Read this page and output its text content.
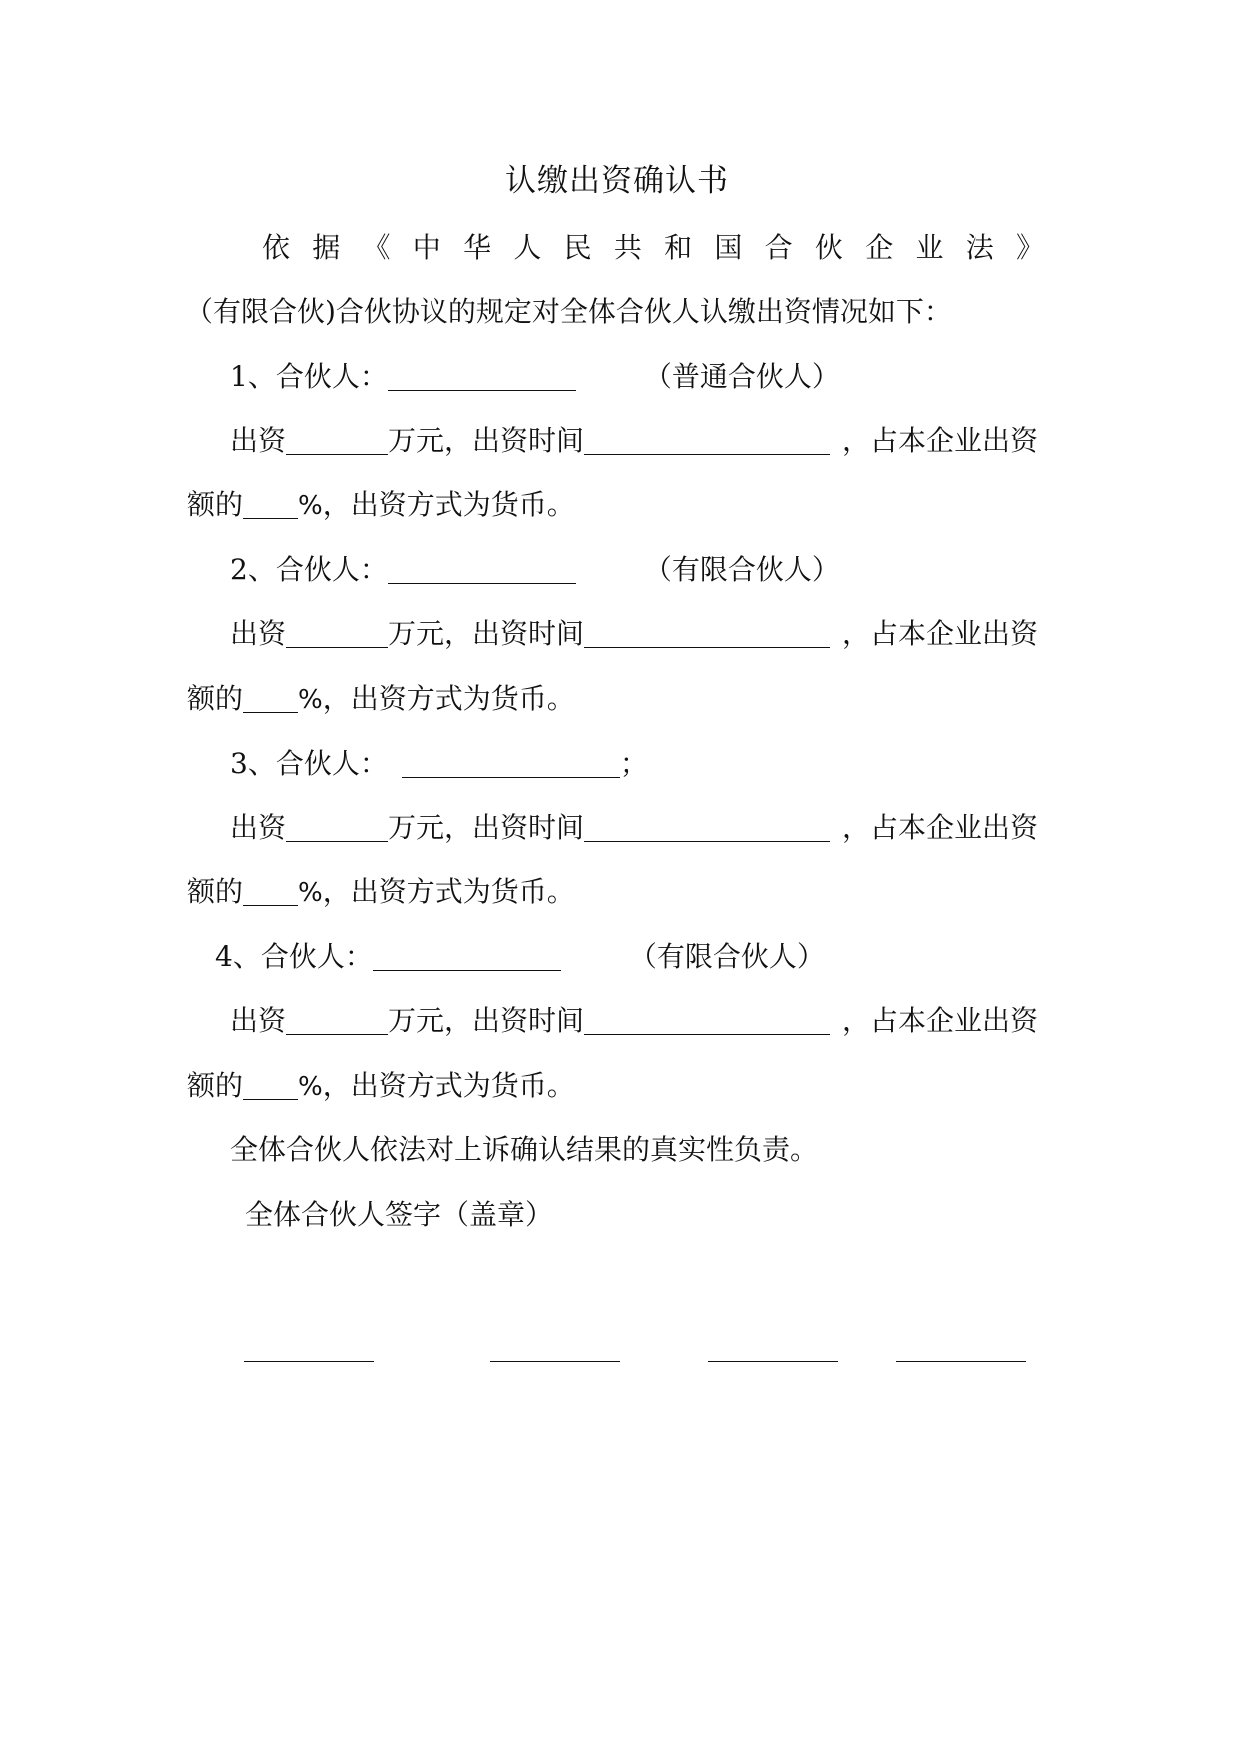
认缴出资确认书
依 据 《 中 华 人 民 共 和 国 合 伙 企 业 法 》
（有限合伙)合伙协议的规定对全体合伙人认缴出资情况如下：
1、 合伙人：	（普通合伙人）
出资	万元，出资时间	，占本企业出资
额的 % ，出资方式为货币。
2、 合伙人：	（有限合伙人）
出资	万元，出资时间	，占本企业出资
额的 % ，出资方式为货币。
3、 合伙人：	；
出资	万元，出资时间	，占本企业出资
额的 % ，出资方式为货币。
4、 合伙人：	（有限合伙人）
出资	万元，出资时间	，占本企业出资
额的 % ，出资方式为货币。
全体合伙人依法对上诉确认结果的真实性负责。
全体合伙人签字（盖章）
